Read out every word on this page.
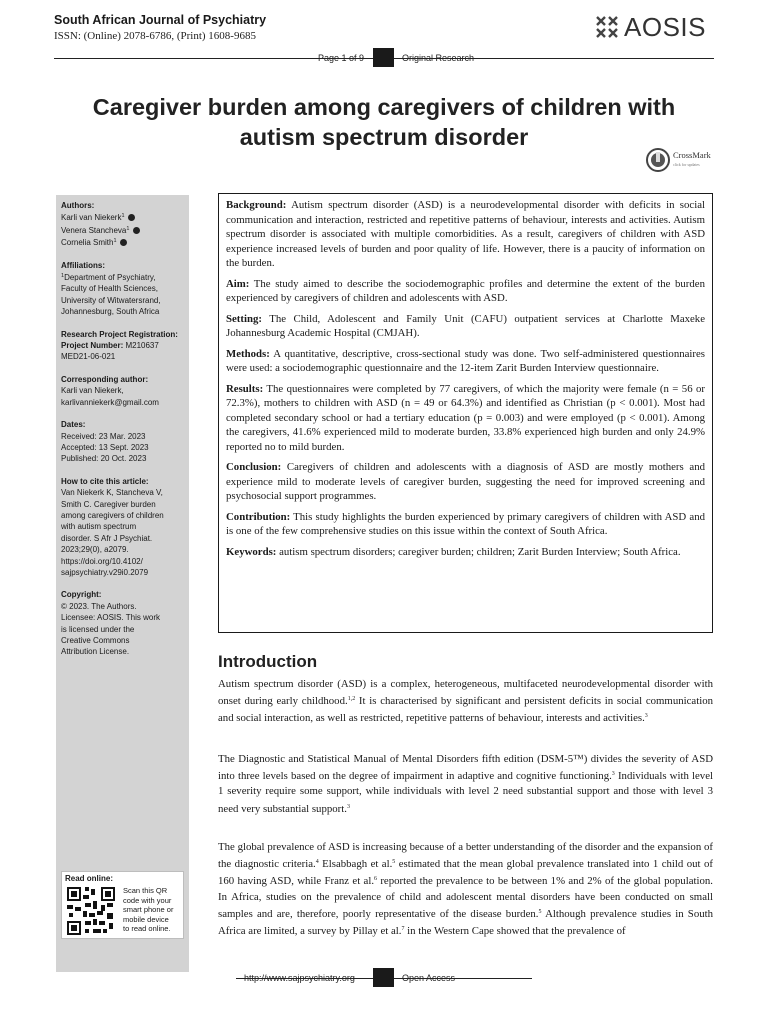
South African Journal of Psychiatry
ISSN: (Online) 2078-6786, (Print) 1608-9685	AOSIS
Page 1 of 9	Original Research
Caregiver burden among caregivers of children with
autism spectrum disorder
CrossMark
click for updates
Authors:
Karli van Niekerk$^1$
Venera Stancheva$^1$
Cornelia Smith$^1$
Affiliations:
$^1$Department of Psychiatry,
Faculty of Health Sciences,
University of Witwatersrand,
Johannesburg, South Africa
Research Project Registration:
Project Number: M210637
MED21-06-021
Corresponding author:
Karli van Niekerk,
karlivanniekerk@gmail.com
Dates:
Received: 23 Mar. 2023
Accepted: 13 Sept. 2023
Published: 20 Oct. 2023
How to cite this article:
Van Niekerk K, Stancheva V,
Smith C. Caregiver burden
among caregivers of children
with autism spectrum
disorder. S Afr J Psychiat.
2023;29(0), a2079.
https://doi.org/10.4102/
sajpsychiatry.v29i0.2079
Copyright:
© 2023. The Authors.
Licensee: AOSIS. This work
is licensed under the
Creative Commons
Attribution License.
Read online:
Scan this QR
code with your
smart phone or
mobile device
to read online.

Background: Autism spectrum disorder (ASD) is a neurodevelopmental disorder with deficits in social communication and interaction, restricted and repetitive patterns of behaviour, interests and activities. Autism spectrum disorder is associated with multiple comorbidities. As a result, caregivers of children with ASD experience increased levels of burden and poor quality of life. However, there is a paucity of information on the burden.

Aim: The study aimed to describe the sociodemographic profiles and determine the extent of the burden experienced by caregivers of children and adolescents with ASD.

Setting: The Child, Adolescent and Family Unit (CAFU) outpatient services at Charlotte Maxeke Johannesburg Academic Hospital (CMJAH).

Methods: A quantitative, descriptive, cross-sectional study was done. Two self-administered questionnaires were used: a sociodemographic questionnaire and the 12-item Zarit Burden Interview questionnaire.

Results: The questionnaires were completed by 77 caregivers, of which the majority were female (n = 56 or 72.3%), mothers to children with ASD (n = 49 or 64.3%) and identified as Christian (p < 0.001). Most had completed secondary school or had a tertiary education (p = 0.003) and were employed (p < 0.001). Among the caregivers, 41.6% experienced mild to moderate burden, 33.8% experienced high burden and only 24.9% reported no to mild burden.

Conclusion: Caregivers of children and adolescents with a diagnosis of ASD are mostly mothers and experience mild to moderate levels of caregiver burden, suggesting the need for improved screening and psychosocial support programmes.

Contribution: This study highlights the burden experienced by primary caregivers of children with ASD and is one of the few comprehensive studies on this issue within the context of South Africa.

Keywords: autism spectrum disorders; caregiver burden; children; Zarit Burden Interview; South Africa.

Introduction

Autism spectrum disorder (ASD) is a complex, heterogeneous, multifaceted neurodevelopmental disorder with onset during early childhood.$^{1,2}$ It is characterised by significant and persistent deficits in social communication and social interaction, as well as restricted, repetitive patterns of behaviour, interests and activities.$^3$

The Diagnostic and Statistical Manual of Mental Disorders fifth edition (DSM-5™) divides the severity of ASD into three levels based on the degree of impairment in adaptive and cognitive functioning.$^3$ Individuals with level 1 severity require some support, while individuals with level 2 need substantial support and those with level 3 need very substantial support.$^3$

The global prevalence of ASD is increasing because of a better understanding of the disorder and the expansion of the diagnostic criteria.$^4$ Elsabbagh et al.$^5$ estimated that the mean global prevalence translated into 1 child out of 160 having ASD, while Franz et al.$^6$ reported the prevalence to be between 1% and 2% of the global population. In Africa, studies on the prevalence of child and adolescent mental disorders have been conducted on small samples and are, therefore, poorly representative of the disease burden.$^5$ Although prevalence studies in South Africa are limited, a survey by Pillay et al.$^7$ in the Western Cape showed that the prevalence of

http://www.sajpsychiatry.org	Open Access
